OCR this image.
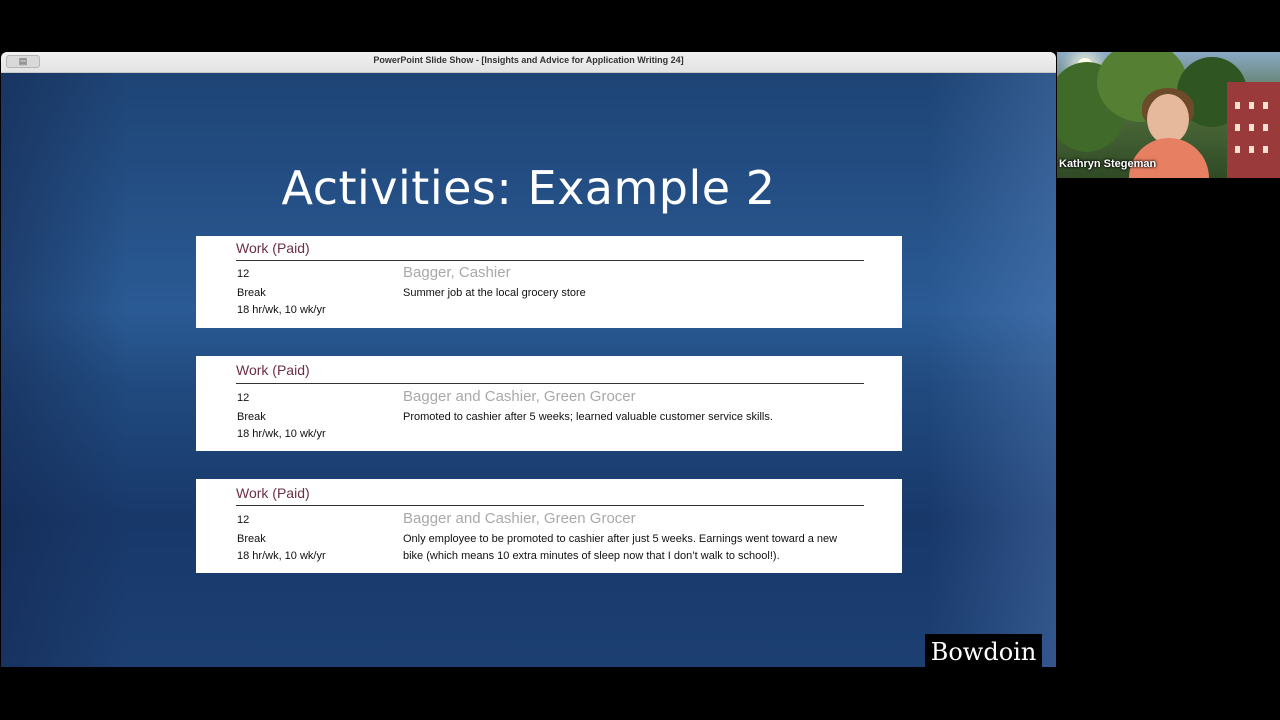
▤	PowerPoint Slide Show - [Insights and Advice for Application Writing 24]
Activities: Example 2
Work (Paid)
12
Break
18 hr/wk, 10 wk/yr
Bagger, Cashier
Summer job at the local grocery store
Work (Paid)
12
Break
18 hr/wk, 10 wk/yr
Bagger and Cashier, Green Grocer
Promoted to cashier after 5 weeks; learned valuable customer service skills.
Work (Paid)
12
Break
18 hr/wk, 10 wk/yr
Bagger and Cashier, Green Grocer
Only employee to be promoted to cashier after just 5 weeks. Earnings went toward a new bike (which means 10 extra minutes of sleep now that I don’t walk to school!).
Bowdoin
Kathryn Stegeman
